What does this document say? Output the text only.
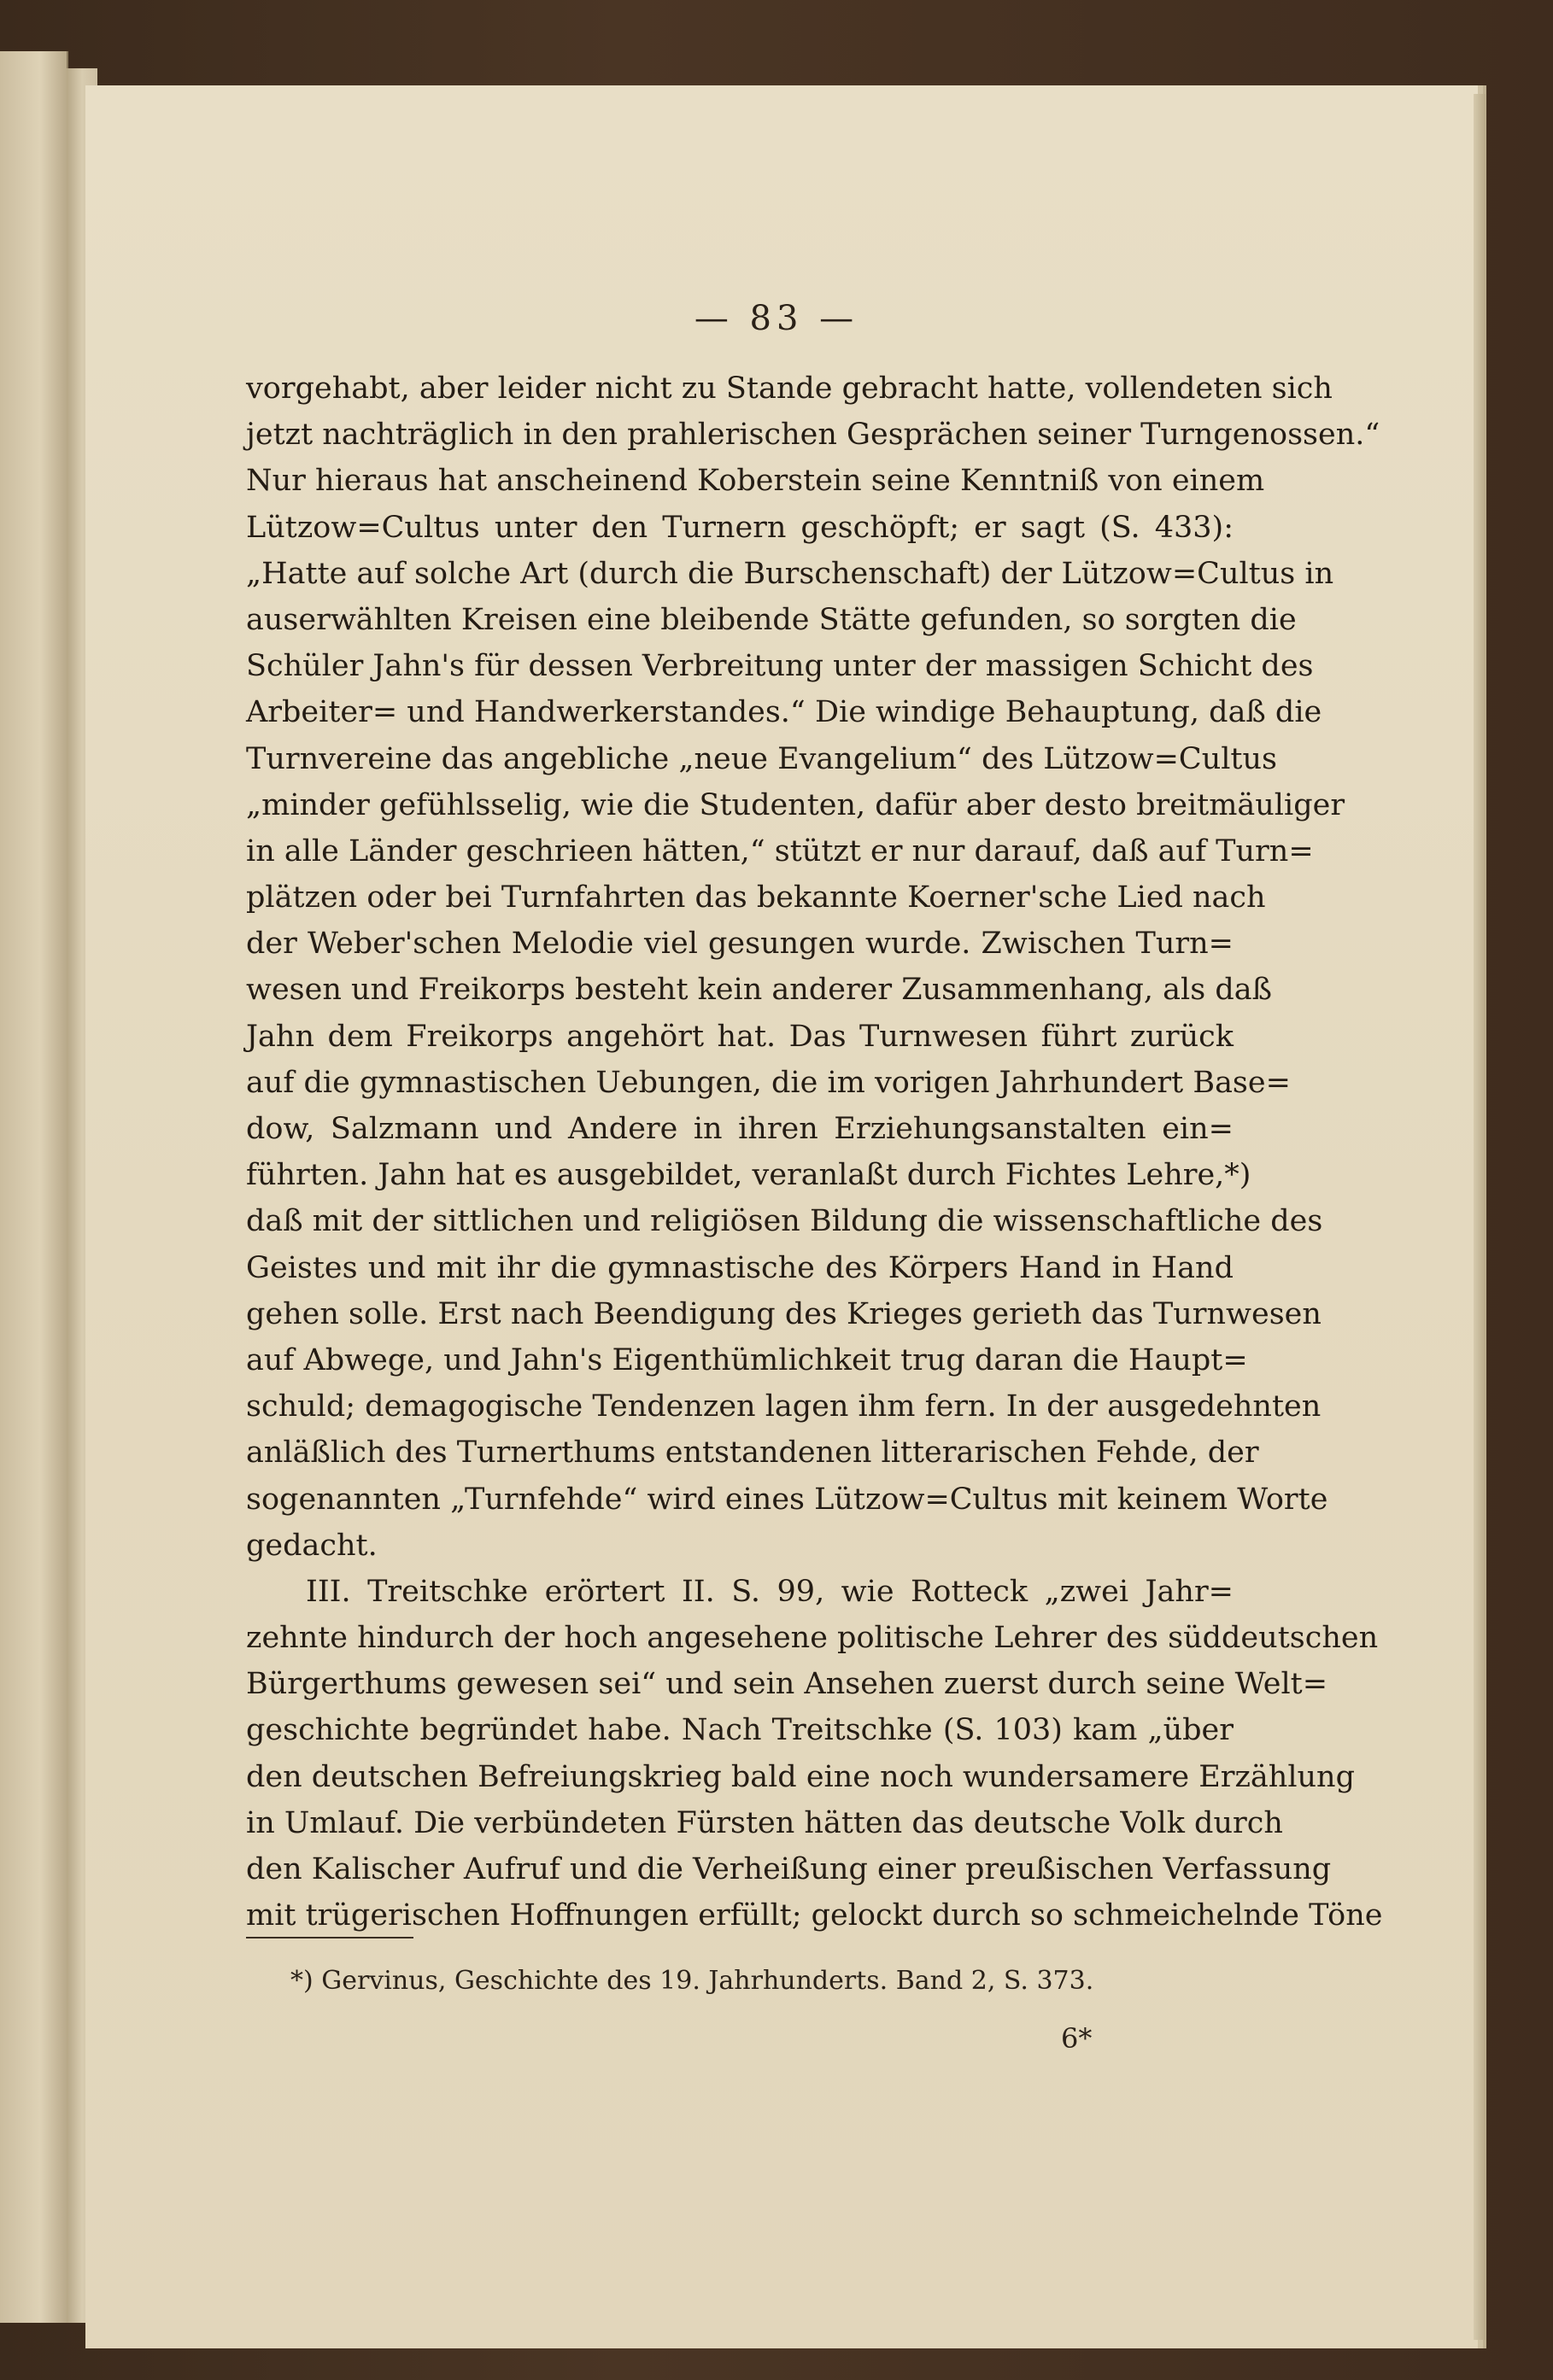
— 83 —
vorgehabt, aber leider nicht zu Stande gebracht hatte, vollendeten sich
jetzt nachträglich in den prahlerischen Gesprächen seiner Turngenossen.“
Nur hieraus hat anscheinend Koberstein seine Kenntniß von einem
Lützow=Cultus unter den Turnern geschöpft; er sagt (S. 433):
„Hatte auf solche Art (durch die Burschenschaft) der Lützow=Cultus in
auserwählten Kreisen eine bleibende Stätte gefunden, so sorgten die
Schüler Jahn's für dessen Verbreitung unter der massigen Schicht des
Arbeiter= und Handwerkerstandes.“ Die windige Behauptung, daß die
Turnvereine das angebliche „neue Evangelium“ des Lützow=Cultus
„minder gefühlsselig, wie die Studenten, dafür aber desto breitmäuliger
in alle Länder geschrieen hätten,“ stützt er nur darauf, daß auf Turn=
plätzen oder bei Turnfahrten das bekannte Koerner'sche Lied nach
der Weber'schen Melodie viel gesungen wurde. Zwischen Turn=
wesen und Freikorps besteht kein anderer Zusammenhang, als daß
Jahn dem Freikorps angehört hat. Das Turnwesen führt zurück
auf die gymnastischen Uebungen, die im vorigen Jahrhundert Base=
dow, Salzmann und Andere in ihren Erziehungsanstalten ein=
führten. Jahn hat es ausgebildet, veranlaßt durch Fichtes Lehre,*)
daß mit der sittlichen und religiösen Bildung die wissenschaftliche des
Geistes und mit ihr die gymnastische des Körpers Hand in Hand
gehen solle. Erst nach Beendigung des Krieges gerieth das Turnwesen
auf Abwege, und Jahn's Eigenthümlichkeit trug daran die Haupt=
schuld; demagogische Tendenzen lagen ihm fern. In der ausgedehnten
anläßlich des Turnerthums entstandenen litterarischen Fehde, der
sogenannten „Turnfehde“ wird eines Lützow=Cultus mit keinem Worte
gedacht.
III. Treitschke erörtert II. S. 99, wie Rotteck „zwei Jahr=
zehnte hindurch der hoch angesehene politische Lehrer des süddeutschen
Bürgerthums gewesen sei“ und sein Ansehen zuerst durch seine Welt=
geschichte begründet habe. Nach Treitschke (S. 103) kam „über
den deutschen Befreiungskrieg bald eine noch wundersamere Erzählung
in Umlauf. Die verbündeten Fürsten hätten das deutsche Volk durch
den Kalischer Aufruf und die Verheißung einer preußischen Verfassung
mit trügerischen Hoffnungen erfüllt; gelockt durch so schmeichelnde Töne
*) Gervinus, Geschichte des 19. Jahrhunderts. Band 2, S. 373.
6*
